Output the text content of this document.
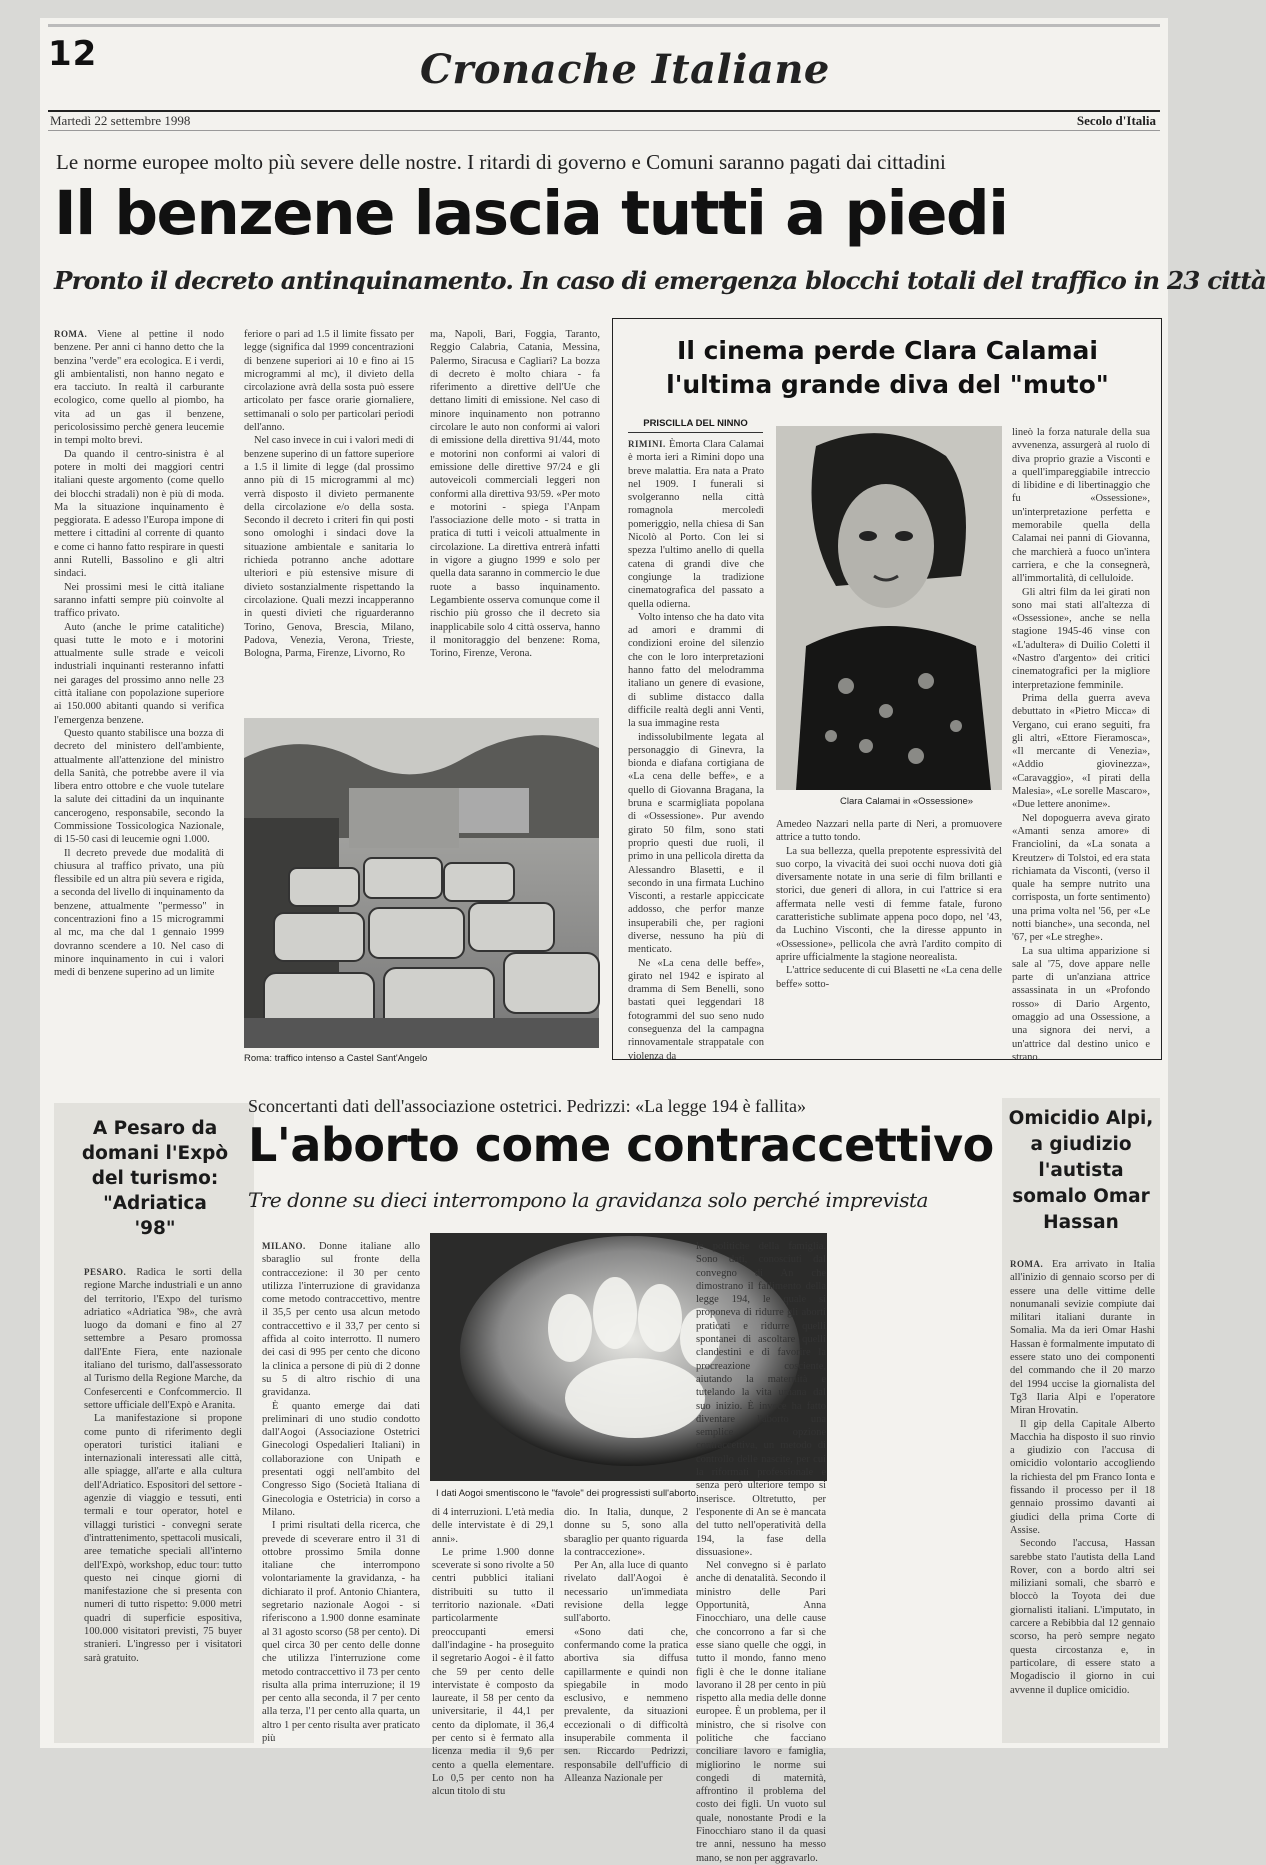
12	Cronache Italiane
Martedì 22 settembre 1998	Secolo d'Italia
Le norme europee molto più severe delle nostre. I ritardi di governo e Comuni saranno pagati dai cittadini
Il benzene lascia tutti a piedi
Pronto il decreto antinquinamento. In caso di emergenza blocchi totali del traffico in 23 città

ROMA. Viene al pettine il nodo benzene. Per anni ci hanno detto che la benzina "verde" era ecologica. E i verdi, gli ambientalisti, non hanno negato e era tacciuto. In realtà il carburante ecologico, come quello al piombo, ha vita ad un gas il benzene, pericolosissimo perchè genera leucemie in tempi molto brevi.

Da quando il centro-sinistra è al potere in molti dei maggiori centri italiani queste argomento (come quello dei blocchi stradali) non è più di moda. Ma la situazione inquinamento è peggiorata. E adesso l'Europa impone di mettere i cittadini al corrente di quanto e come ci hanno fatto respirare in questi anni Rutelli, Bassolino e gli altri sindaci.

Nei prossimi mesi le città italiane saranno infatti sempre più coinvolte al traffico privato.

Auto (anche le prime catalitiche) quasi tutte le moto e i motorini attualmente sulle strade e veicoli industriali inquinanti resteranno infatti nei garages del prossimo anno nelle 23 città italiane con popolazione superiore ai 150.000 abitanti quando si verifica l'emergenza benzene.

Questo quanto stabilisce una bozza di decreto del ministero dell'ambiente, attualmente all'attenzione del ministro della Sanità, che potrebbe avere il via libera entro ottobre e che vuole tutelare la salute dei cittadini da un inquinante cancerogeno, responsabile, secondo la Commissione Tossicologica Nazionale, di 15-50 casi di leucemie ogni 1.000.

Il decreto prevede due modalità di chiusura al traffico privato, una più flessibile ed un altra più severa e rigida, a seconda del livello di inquinamento da benzene, attualmente "permesso" in concentrazioni fino a 15 microgrammi al mc, ma che dal 1 gennaio 1999 dovranno scendere a 10. Nel caso di minore inquinamento in cui i valori medi di benzene superino ad un limite

feriore o pari ad 1.5 il limite fissato per legge (significa dal 1999 concentrazioni di benzene superiori ai 10 e fino ai 15 microgrammi al mc), il divieto della circolazione avrà della sosta può essere articolato per fasce orarie giornaliere, settimanali o solo per particolari periodi dell'anno.

Nel caso invece in cui i valori medi di benzene superino di un fattore superiore a 1.5 il limite di legge (dal prossimo anno più di 15 microgrammi al mc) verrà disposto il divieto permanente della circolazione e/o della sosta. Secondo il decreto i criteri fin qui posti sono omologhi i sindaci dove la situazione ambientale e sanitaria lo richieda potranno anche adottare ulteriori e più estensive misure di divieto sostanzialmente rispettando la circolazione. Quali mezzi incapperanno in questi divieti che riguarderanno Torino, Genova, Brescia, Milano, Padova, Venezia, Verona, Trieste, Bologna, Parma, Firenze, Livorno, Ro

ma, Napoli, Bari, Foggia, Taranto, Reggio Calabria, Catania, Messina, Palermo, Siracusa e Cagliari? La bozza di decreto è molto chiara - fa riferimento a direttive dell'Ue che dettano limiti di emissione. Nel caso di minore inquinamento non potranno circolare le auto non conformi ai valori di emissione della direttiva 91/44, moto e motorini non conformi ai valori di emissione delle direttive 97/24 e gli autoveicoli commerciali leggeri non conformi alla direttiva 93/59. «Per moto e motorini - spiega l'Anpam l'associazione delle moto - si tratta in pratica di tutti i veicoli attualmente in circolazione. La direttiva entrerà infatti in vigore a giugno 1999 e solo per quella data saranno in commercio le due ruote a basso inquinamento. Legambiente osserva comunque come il rischio più grosso che il decreto sia inapplicabile solo 4 città osserva, hanno il monitoraggio del benzene: Roma, Torino, Firenze, Verona.

Roma: traffico intenso a Castel Sant'Angelo
Il cinema perde Clara Calamai
l'ultima grande diva del "muto"
PRISCILLA DEL NINNO

RIMINI. Èmorta Clara Calamai è morta ieri a Rimini dopo una breve malattia. Era nata a Prato nel 1909. I funerali si svolgeranno nella città romagnola mercoledì pomeriggio, nella chiesa di San Nicolò al Porto. Con lei si spezza l'ultimo anello di quella catena di grandi dive che congiunge la tradizione cinematografica del passato a quella odierna.

Volto intenso che ha dato vita ad amori e drammi di condizioni eroine del silenzio che con le loro interpretazioni hanno fatto del melodramma italiano un genere di evasione, di sublime distacco dalla difficile realtà degli anni Venti, la sua immagine resta

indissolubilmente legata al personaggio di Ginevra, la bionda e diafana cortigiana de «La cena delle beffe», e a quello di Giovanna Bragana, la bruna e scarmigliata popolana di «Ossessione». Pur avendo girato 50 film, sono stati proprio questi due ruoli, il primo in una pellicola diretta da Alessandro Blasetti, e il secondo in una firmata Luchino Visconti, a restarle appiccicate addosso, che perfor manze insuperabili che, per ragioni diverse, nessuno ha più di menticato.

Ne «La cena delle beffe», girato nel 1942 e ispirato al dramma di Sem Benelli, sono bastati quei leggendari 18 fotogrammi del suo seno nudo conseguenza del la campagna rinnovamentale strappatale con violenza da

Clara Calamai in «Ossessione»

Amedeo Nazzari nella parte di Neri, a promuovere attrice a tutto tondo.

La sua bellezza, quella prepotente espressività del suo corpo, la vivacità dei suoi occhi nuova doti già diversamente notate in una serie di film brillanti e storici, due generi di allora, in cui l'attrice si era affermata nelle vesti di femme fatale, furono caratteristiche sublimate appena poco dopo, nel '43, da Luchino Visconti, che la diresse appunto in «Ossessione», pellicola che avrà l'ardito compito di aprire ufficialmente la stagione neorealista.

L'attrice seducente di cui Blasetti ne «La cena delle beffe» sotto-

lineò la forza naturale della sua avvenenza, assurgerà al ruolo di diva proprio grazie a Visconti e a quell'impareggiabile intreccio di libidine e di libertinaggio che fu «Ossessione», un'interpretazione perfetta e memorabile quella della Calamai nei panni di Giovanna, che marchierà a fuoco un'intera carriera, e che la consegnerà, all'immortalità, di celluloide.

Gli altri film da lei girati non sono mai stati all'altezza di «Ossessione», anche se nella stagione 1945-46 vinse con «L'adultera» di Duilio Coletti il «Nastro d'argento» dei critici cinematografici per la migliore interpretazione femminile.

Prima della guerra aveva debuttato in «Pietro Micca» di Vergano, cui erano seguiti, fra gli altri, «Ettore Fieramosca», «Il mercante di Venezia», «Addio giovinezza», «Caravaggio», «I pirati della Malesia», «Le sorelle Mascaro», «Due lettere anonime».

Nel dopoguerra aveva girato «Amanti senza amore» di Franciolini, da «La sonata a Kreutzer» di Tolstoi, ed era stata richiamata da Visconti, (verso il quale ha sempre nutrito una corrisposta, un forte sentimento) una prima volta nel '56, per «Le notti bianche», una seconda, nel '67, per «Le streghe».

La sua ultima apparizione si sale al '75, dove appare nelle parte di un'anziana attrice assassinata in un «Profondo rosso» di Dario Argento, omaggio ad una Ossessione, a una signora dei nervi, a un'attrice dal destino unico e strano.

A Pesaro da domani l'Expò del turismo: "Adriatica '98"

PESARO. Radica le sorti della regione Marche industriali e un anno del territorio, l'Expo del turismo adriatico «Adriatica '98», che avrà luogo da domani e fino al 27 settembre a Pesaro promossa dall'Ente Fiera, ente nazionale italiano del turismo, dall'assessorato al Turismo della Regione Marche, da Confesercenti e Confcommercio. Il settore ufficiale dell'Expò e Aranita.

La manifestazione si propone come punto di riferimento degli operatori turistici italiani e internazionali interessati alle città, alle spiagge, all'arte e alla cultura dell'Adriatico. Espositori del settore - agenzie di viaggio e tessuti, enti termali e tour operator, hotel e villaggi turistici - convegni serate d'intrattenimento, spettacoli musicali, aree tematiche speciali all'interno dell'Expò, workshop, educ tour: tutto questo nei cinque giorni di manifestazione che si presenta con numeri di tutto rispetto: 9.000 metri quadri di superficie espositiva, 100.000 visitatori previsti, 75 buyer stranieri. L'ingresso per i visitatori sarà gratuito.

Sconcertanti dati dell'associazione ostetrici. Pedrizzi: «La legge 194 è fallita»
L'aborto come contraccettivo
Tre donne su dieci interrompono la gravidanza solo perché imprevista

MILANO. Donne italiane allo sbaraglio sul fronte della contraccezione: il 30 per cento utilizza l'interruzione di gravidanza come metodo contraccettivo, mentre il 35,5 per cento usa alcun metodo contraccettivo e il 33,7 per cento si affida al coito interrotto. Il numero dei casi di 995 per cento che dicono la clinica a persone di più di 2 donne su 5 di altro rischio di una gravidanza.

È quanto emerge dai dati preliminari di uno studio condotto dall'Aogoi (Associazione Ostetrici Ginecologi Ospedalieri Italiani) in collaborazione con Unipath e presentati oggi nell'ambito del Congresso Sigo (Società Italiana di Ginecologia e Ostetricia) in corso a Milano.

I primi risultati della ricerca, che prevede di sceverare entro il 31 di ottobre prossimo 5mila donne italiane che interrompono volontariamente la gravidanza, - ha dichiarato il prof. Antonio Chiantera, segretario nazionale Aogoi - si riferiscono a 1.900 donne esaminate al 31 agosto scorso (58 per cento). Di quel circa 30 per cento delle donne che utilizza l'interruzione come metodo contraccettivo il 73 per cento risulta alla prima interruzione; il 19 per cento alla seconda, il 7 per cento alla terza, l'1 per cento alla quarta, un altro 1 per cento risulta aver praticato più

I dati Aogoi smentiscono le "favole" dei progressisti sull'aborto

di 4 interruzioni. L'età media delle intervistate è di 29,1 anni».

Le prime 1.900 donne sceverate si sono rivolte a 50 centri pubblici italiani distribuiti su tutto il territorio nazionale. «Dati particolarmente preoccupanti emersi dall'indagine - ha proseguito il segretario Aogoi - è il fatto che 59 per cento delle intervistate è composto da laureate, il 58 per cento da universitarie, il 44,1 per cento da diplomate, il 36,4 per cento si è fermato alla licenza media il 9,6 per cento a quella elementare. Lo 0,5 per cento non ha alcun titolo di stu

dio. In Italia, dunque, 2 donne su 5, sono alla sbaraglio per quanto riguarda la contraccezione».

Per An, alla luce di quanto rivelato dall'Aogoi è necessario un'immediata revisione della legge sull'aborto.

«Sono dati che, confermando come la pratica abortiva sia diffusa capillarmente e quindi non spiegabile in modo esclusivo, e nemmeno prevalente, da situazioni eccezionali o di difficoltà insuperabile commenta il sen. Riccardo Pedrizzi, responsabile dell'ufficio di Alleanza Nazionale per

le politiche della famiglia. Sono dati, conosciuti dal convegno di An che dimostrano il fallimento della legge 194, le quale si proponeva di ridurre gli aborti praticati e ridurre quelli spontanei di ascoltare quelli clandestini e di favorire la procreazione cosciente, aiutando la maternità e tutelando la vita umana dal suo inizio. È invece ha fatto diventare l'aborto una semplice opzione contraccettiva, un metodo di controllo delle nascite, per cui la riformati professionale e senza però ulteriore tempo si inserisce. Oltretutto, per l'esponente di An se è mancata del tutto nell'operatività della 194, la fase della dissuasione».

Nel convegno si è parlato anche di denatalità. Secondo il ministro delle Pari Opportunità, Anna Finocchiaro, una delle cause che concorrono a far sì che esse siano quelle che oggi, in tutto il mondo, fanno meno figli è che le donne italiane lavorano il 28 per cento in più rispetto alla media delle donne europee. È un problema, per il ministro, che si risolve con politiche che facciano conciliare lavoro e famiglia, migliorino le norme sui congedi di maternità, affrontino il problema del costo dei figli. Un vuoto sul quale, nonostante Prodi e la Finocchiaro stano il da quasi tre anni, nessuno ha messo mano, se non per aggravarlo.

Omicidio Alpi, a giudizio l'autista somalo Omar Hassan

ROMA. Era arrivato in Italia all'inizio di gennaio scorso per di essere una delle vittime delle nonumanali sevizie compiute dai militari italiani durante in Somalia. Ma da ieri Omar Hashi Hassan è formalmente imputato di essere stato uno dei componenti del commando che il 20 marzo del 1994 uccise la giornalista del Tg3 Ilaria Alpi e l'operatore Miran Hrovatin.

Il gip della Capitale Alberto Macchia ha disposto il suo rinvio a giudizio con l'accusa di omicidio volontario accogliendo la richiesta del pm Franco Ionta e fissando il processo per il 18 gennaio prossimo davanti ai giudici della prima Corte di Assise.

Secondo l'accusa, Hassan sarebbe stato l'autista della Land Rover, con a bordo altri sei miliziani somali, che sbarrò e bloccò la Toyota dei due giornalisti italiani. L'imputato, in carcere a Rebibbia dal 12 gennaio scorso, ha però sempre negato questa circostanza e, in particolare, di essere stato a Mogadiscio il giorno in cui avvenne il duplice omicidio.
